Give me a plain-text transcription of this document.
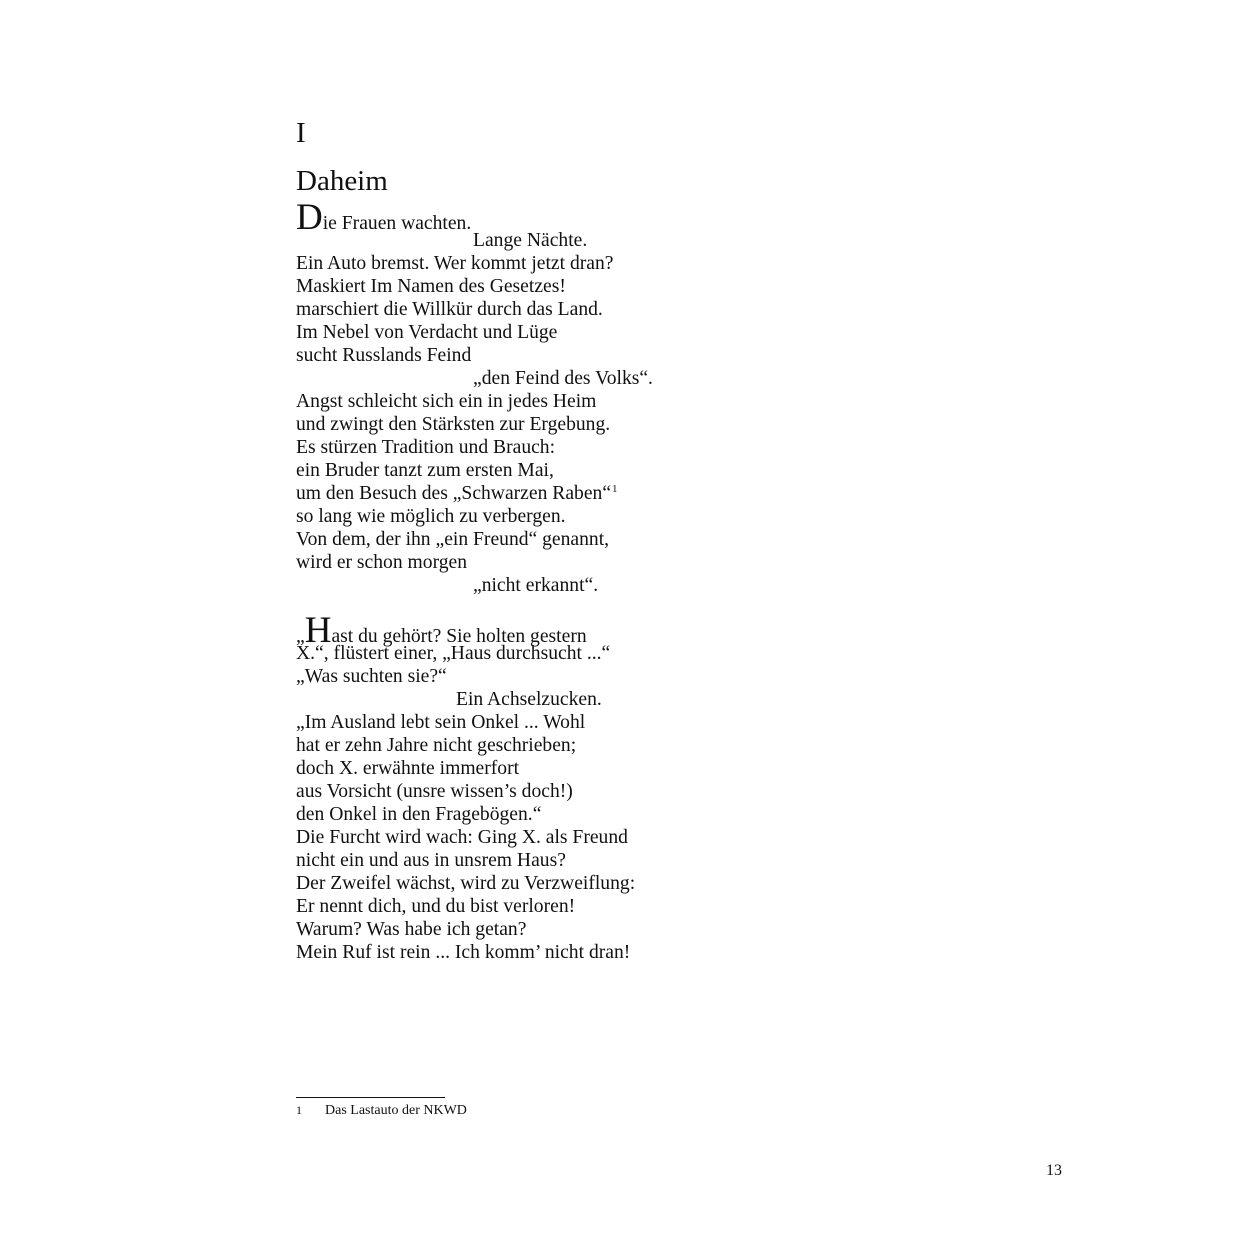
I
Daheim
Die Frauen wachten.
Lange Nächte.
Ein Auto bremst. Wer kommt jetzt dran?
Maskiert Im Namen des Gesetzes!
marschiert die Willkür durch das Land.
Im Nebel von Verdacht und Lüge
sucht Russlands Feind
„den Feind des Volks“.
Angst schleicht sich ein in jedes Heim
und zwingt den Stärksten zur Ergebung.
Es stürzen Tradition und Brauch:
ein Bruder tanzt zum ersten Mai,
um den Besuch des „Schwarzen Raben“$^1$
so lang wie möglich zu verbergen.
Von dem, der ihn „ein Freund“ genannt,
wird er schon morgen
„nicht erkannt“.
„Hast du gehört? Sie holten gestern
X.“, flüstert einer, „Haus durchsucht ...“
„Was suchten sie?“
Ein Achselzucken.
„Im Ausland lebt sein Onkel ... Wohl
hat er zehn Jahre nicht geschrieben;
doch X. erwähnte immerfort
aus Vorsicht (unsre wissen’s doch!)
den Onkel in den Fragebögen.“
Die Furcht wird wach: Ging X. als Freund
nicht ein und aus in unsrem Haus?
Der Zweifel wächst, wird zu Verzweiflung:
Er nennt dich, und du bist verloren!
Warum? Was habe ich getan?
Mein Ruf ist rein ... Ich komm’ nicht dran!
1 Das Lastauto der NKWD
13
